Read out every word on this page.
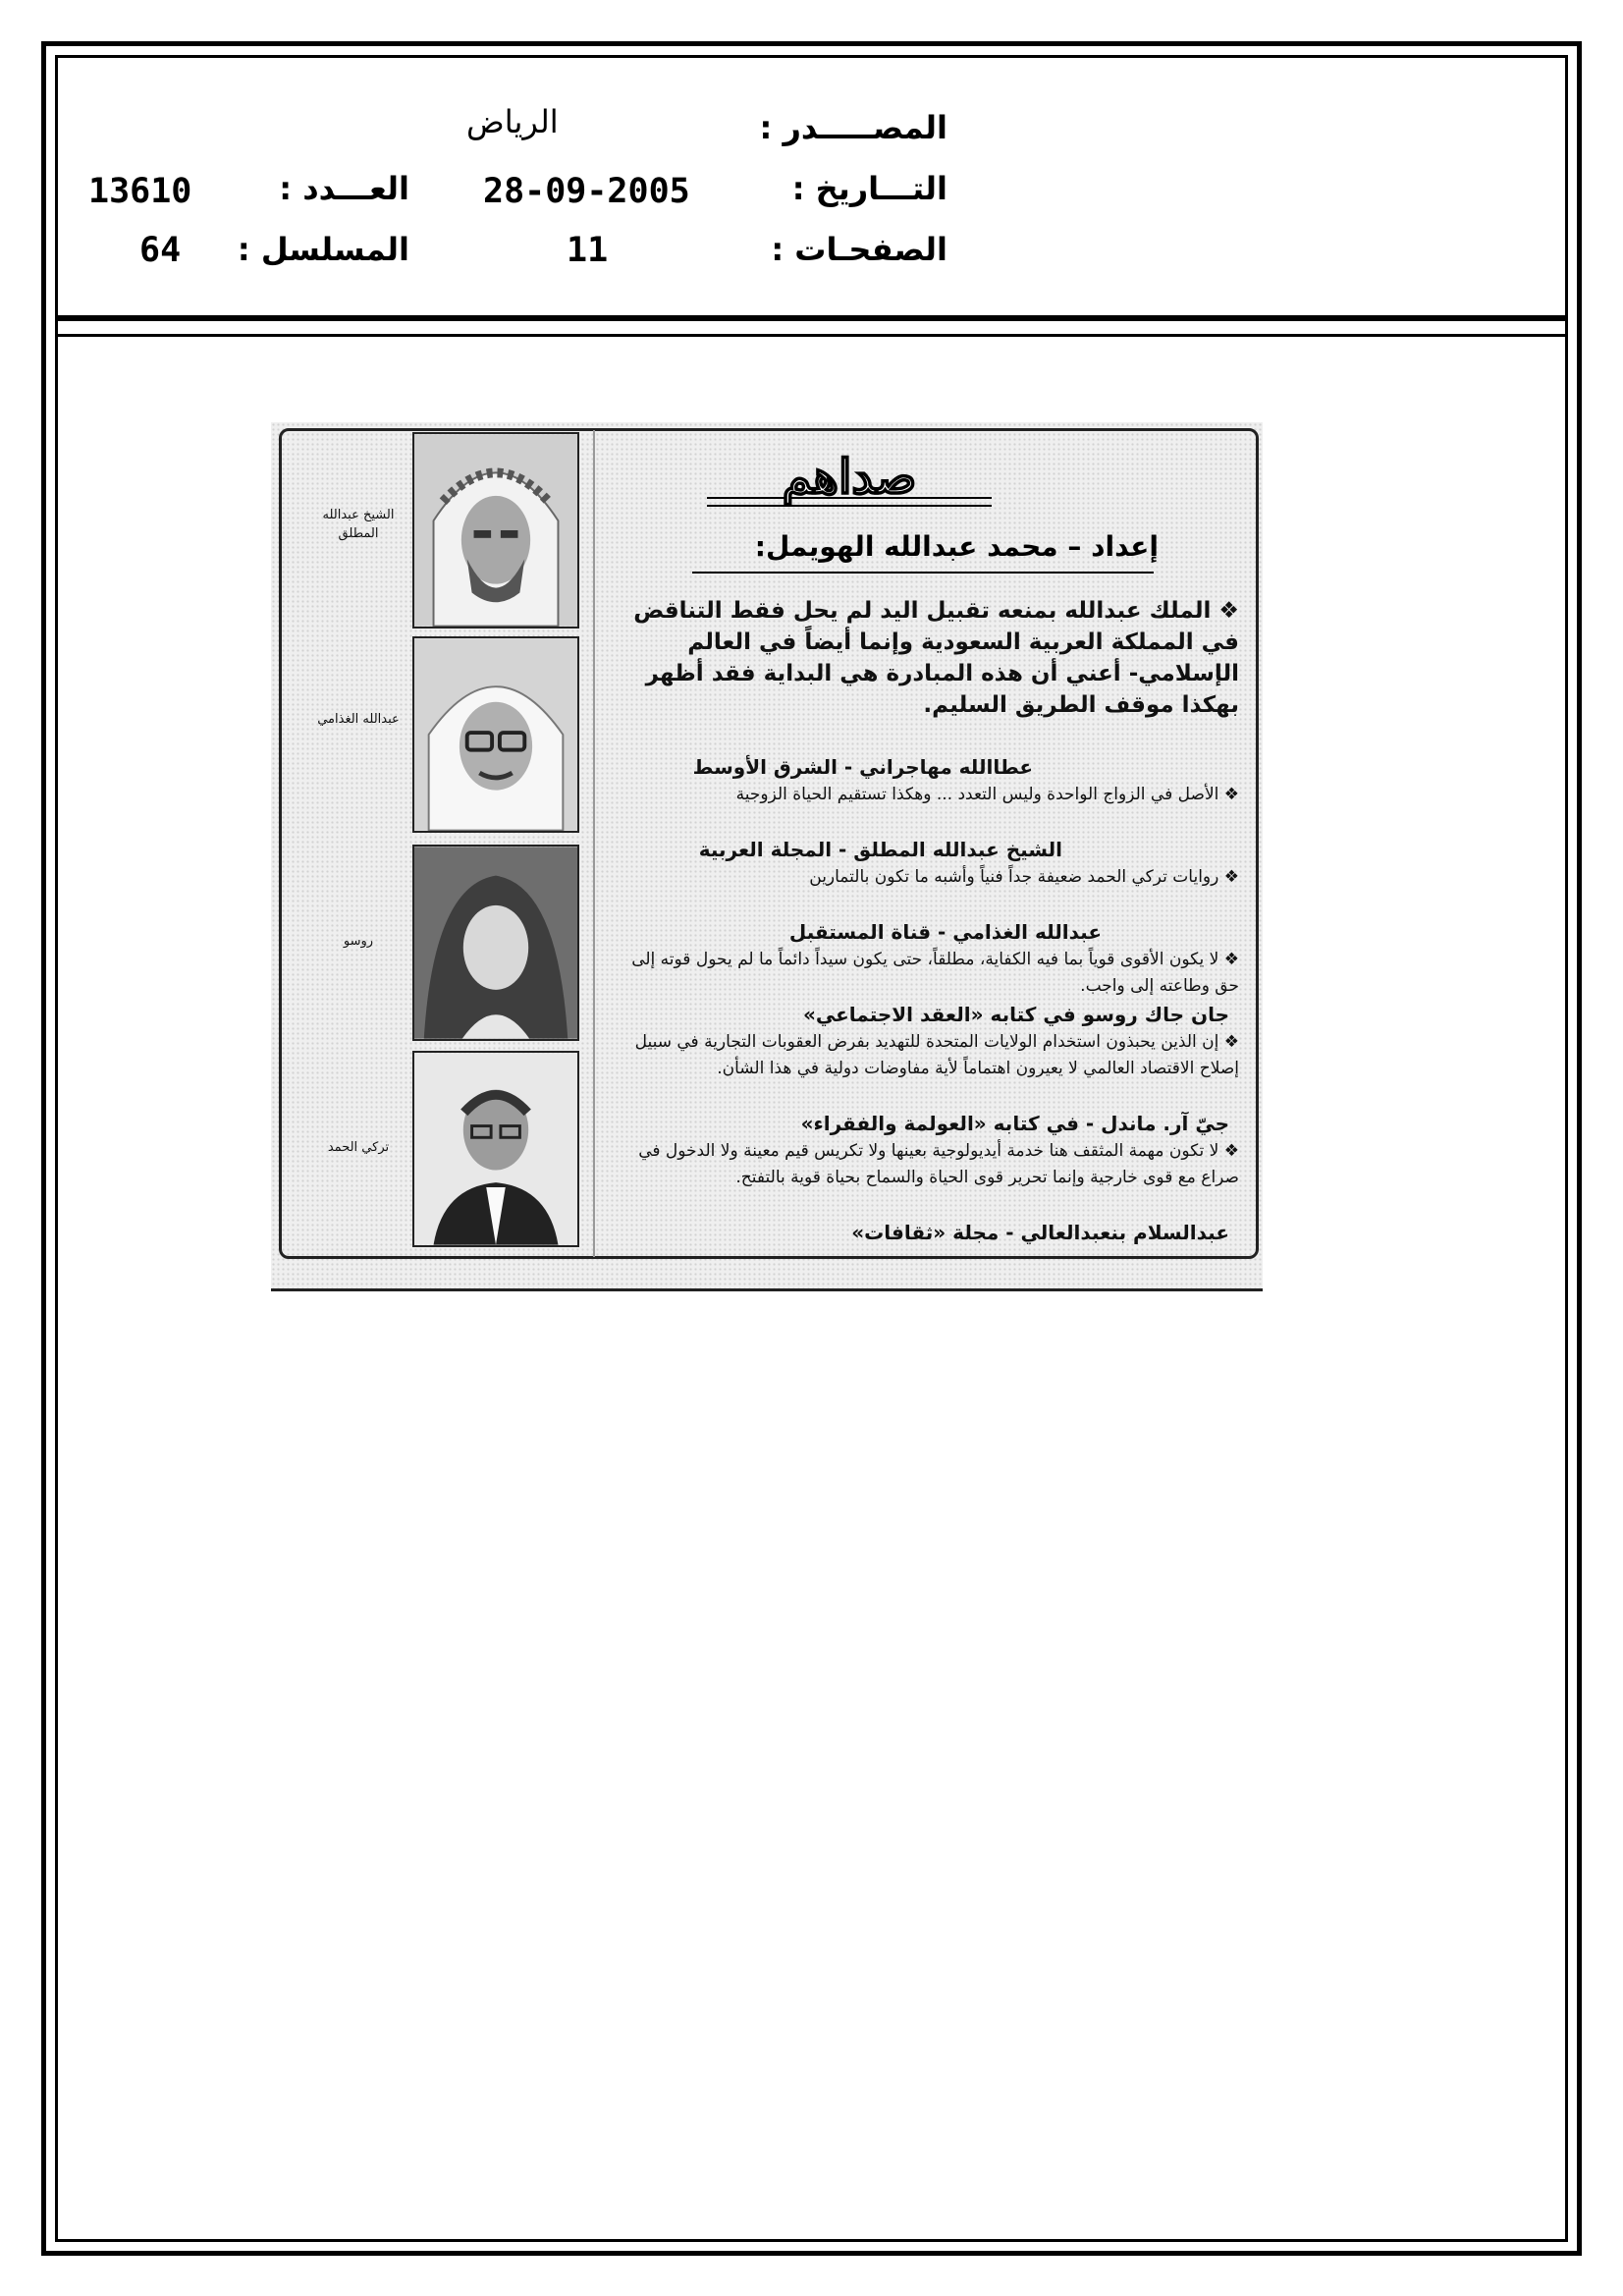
المصـــــدر :
الرياض
التـــاريخ :
28-09-2005
الصفحـات :
11
العـــدد :
13610
المسلسل :
64
الشيخ عبدالله المطلق
عبدالله الغذامي
روسو
تركي الحمد
صداهم
إعداد – محمد عبدالله الهويمل:
❖ الملك عبدالله بمنعه تقبيل اليد لم يحل فقط التناقض في المملكة العربية السعودية وإنما أيضاً في العالم الإسلامي- أعني أن هذه المبادرة هي البداية فقد أظهر بهكذا موقف الطريق السليم.
عطاالله مهاجراني - الشرق الأوسط
❖ الأصل في الزواج الواحدة وليس التعدد ... وهكذا تستقيم الحياة الزوجية
الشيخ عبدالله المطلق - المجلة العربية
❖ روايات تركي الحمد ضعيفة جداً فنياً وأشبه ما تكون بالتمارين
عبدالله الغذامي - قناة المستقبل
❖ لا يكون الأقوى قوياً بما فيه الكفاية، مطلقاً، حتى يكون سيداً دائماً ما لم يحول قوته إلى حق وطاعته إلى واجب.
جان جاك روسو في كتابه «العقد الاجتماعي»
❖ إن الذين يحبذون استخدام الولايات المتحدة للتهديد بفرض العقوبات التجارية في سبيل إصلاح الاقتصاد العالمي لا يعيرون اهتماماً لأية مفاوضات دولية في هذا الشأن.
جيّ آر. ماندل - في كتابه «العولمة والفقراء»
❖ لا تكون مهمة المثقف هنا خدمة أيديولوجية بعينها ولا تكريس قيم معينة ولا الدخول في صراع مع قوى خارجية وإنما تحرير قوى الحياة والسماح بحياة قوية بالتفتح.
عبدالسلام بنعبدالعالي - مجلة «ثقافات»
